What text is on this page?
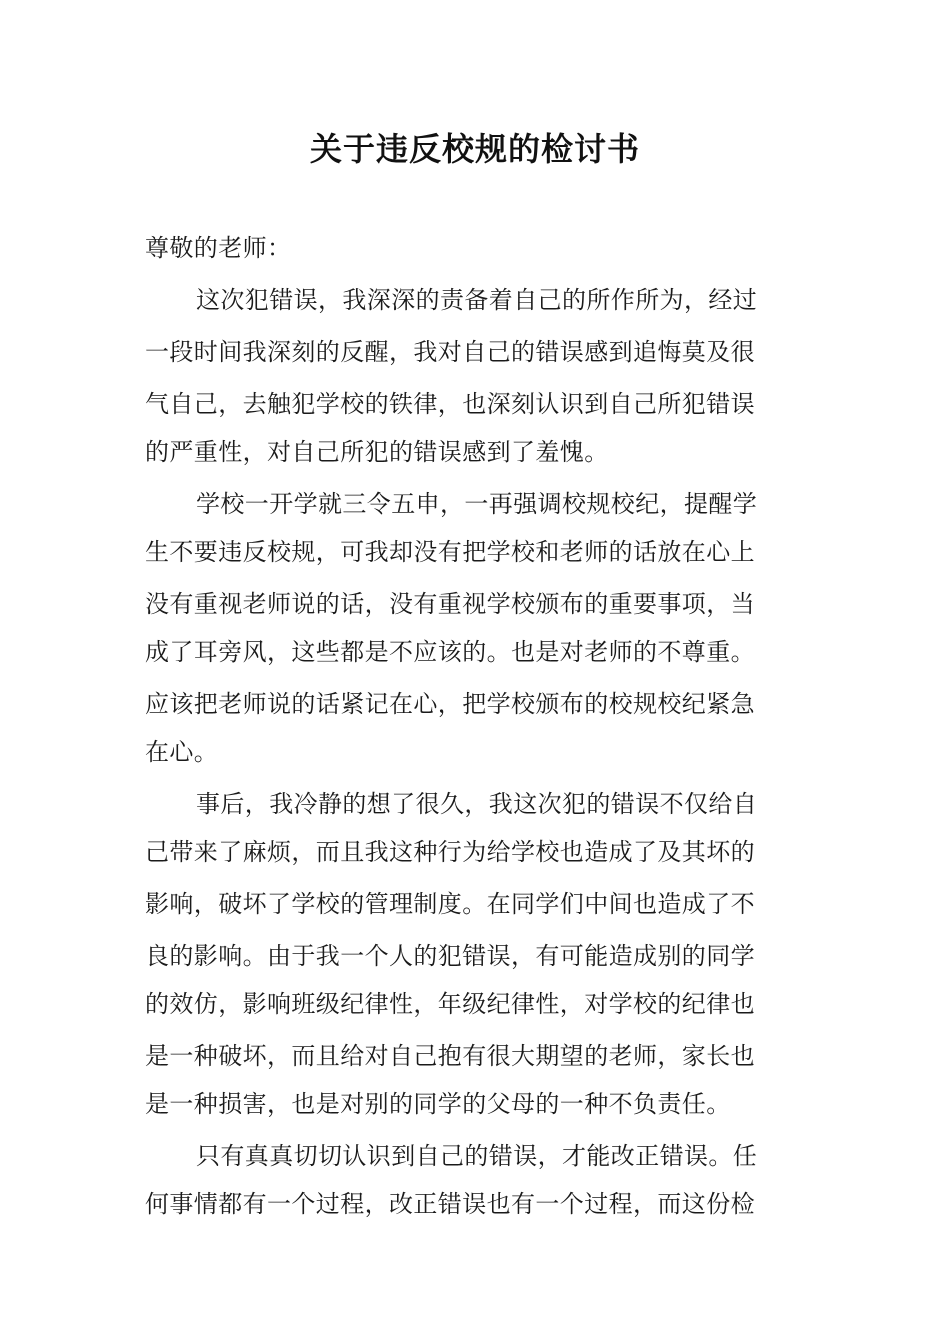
关于违反校规的检讨书
尊敬的老师：
这次犯错误，我深深的责备着自己的所作所为，经过
一段时间我深刻的反醒，我对自己的错误感到追悔莫及很
气自己，去触犯学校的铁律，也深刻认识到自己所犯错误
的严重性，对自己所犯的错误感到了羞愧。
学校一开学就三令五申，一再强调校规校纪，提醒学
生不要违反校规，可我却没有把学校和老师的话放在心上
没有重视老师说的话，没有重视学校颁布的重要事项，当
成了耳旁风，这些都是不应该的。也是对老师的不尊重。
应该把老师说的话紧记在心，把学校颁布的校规校纪紧急
在心。
事后，我冷静的想了很久，我这次犯的错误不仅给自
己带来了麻烦，而且我这种行为给学校也造成了及其坏的
影响，破坏了学校的管理制度。在同学们中间也造成了不
良的影响。由于我一个人的犯错误，有可能造成别的同学
的效仿，影响班级纪律性，年级纪律性，对学校的纪律也
是一种破坏，而且给对自己抱有很大期望的老师，家长也
是一种损害，也是对别的同学的父母的一种不负责任。
只有真真切切认识到自己的错误，才能改正错误。任
何事情都有一个过程，改正错误也有一个过程，而这份检
